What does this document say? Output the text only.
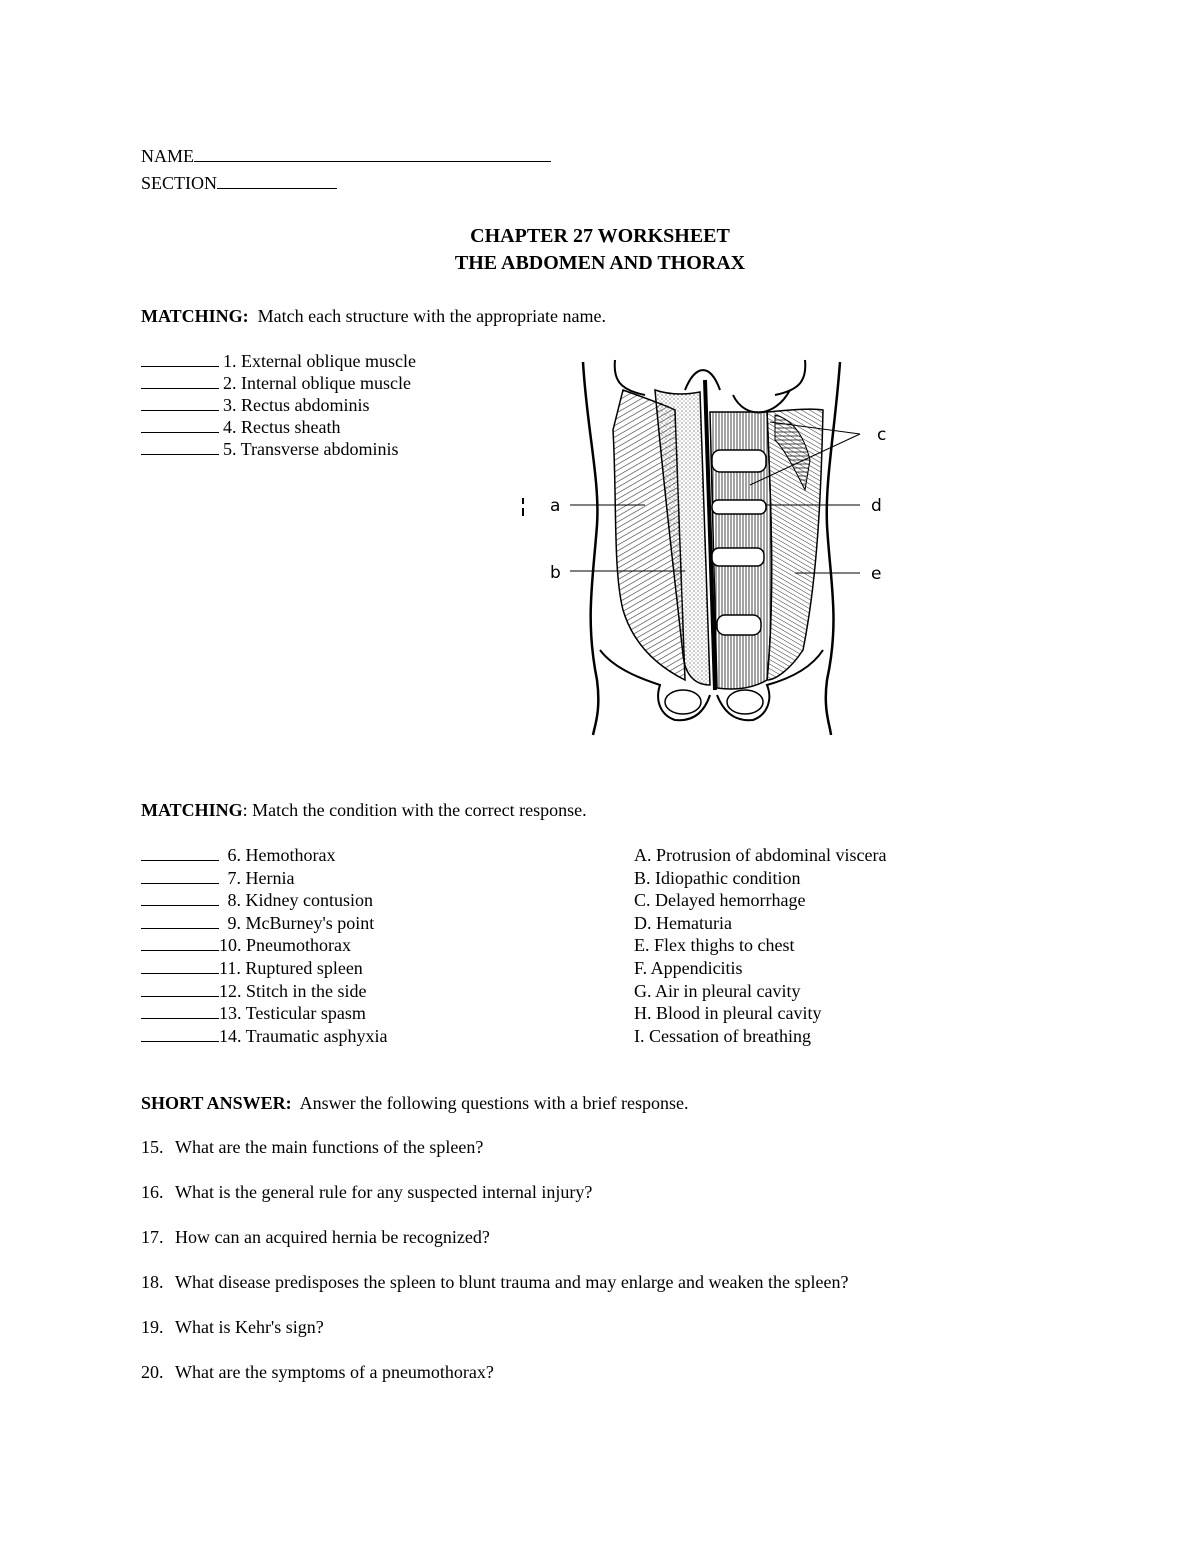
NAME
SECTION
CHAPTER 27 WORKSHEET
THE ABDOMEN AND THORAX
MATCHING: Match each structure with the appropriate name.
1. External oblique muscle
2. Internal oblique muscle
3. Rectus abdominis
4. Rectus sheath
5. Transverse abdominis
a
b
c
d
e
MATCHING: Match the condition with the correct response.
6. Hemothorax
7. Hernia
8. Kidney contusion
9. McBurney's point
10. Pneumothorax
11. Ruptured spleen
12. Stitch in the side
13. Testicular spasm
14. Traumatic asphyxia
A. Protrusion of abdominal viscera
B. Idiopathic condition
C. Delayed hemorrhage
D. Hematuria
E. Flex thighs to chest
F. Appendicitis
G. Air in pleural cavity
H. Blood in pleural cavity
I. Cessation of breathing
SHORT ANSWER: Answer the following questions with a brief response.
15. What are the main functions of the spleen?
16. What is the general rule for any suspected internal injury?
17. How can an acquired hernia be recognized?
18. What disease predisposes the spleen to blunt trauma and may enlarge and weaken the spleen?
19. What is Kehr's sign?
20. What are the symptoms of a pneumothorax?
